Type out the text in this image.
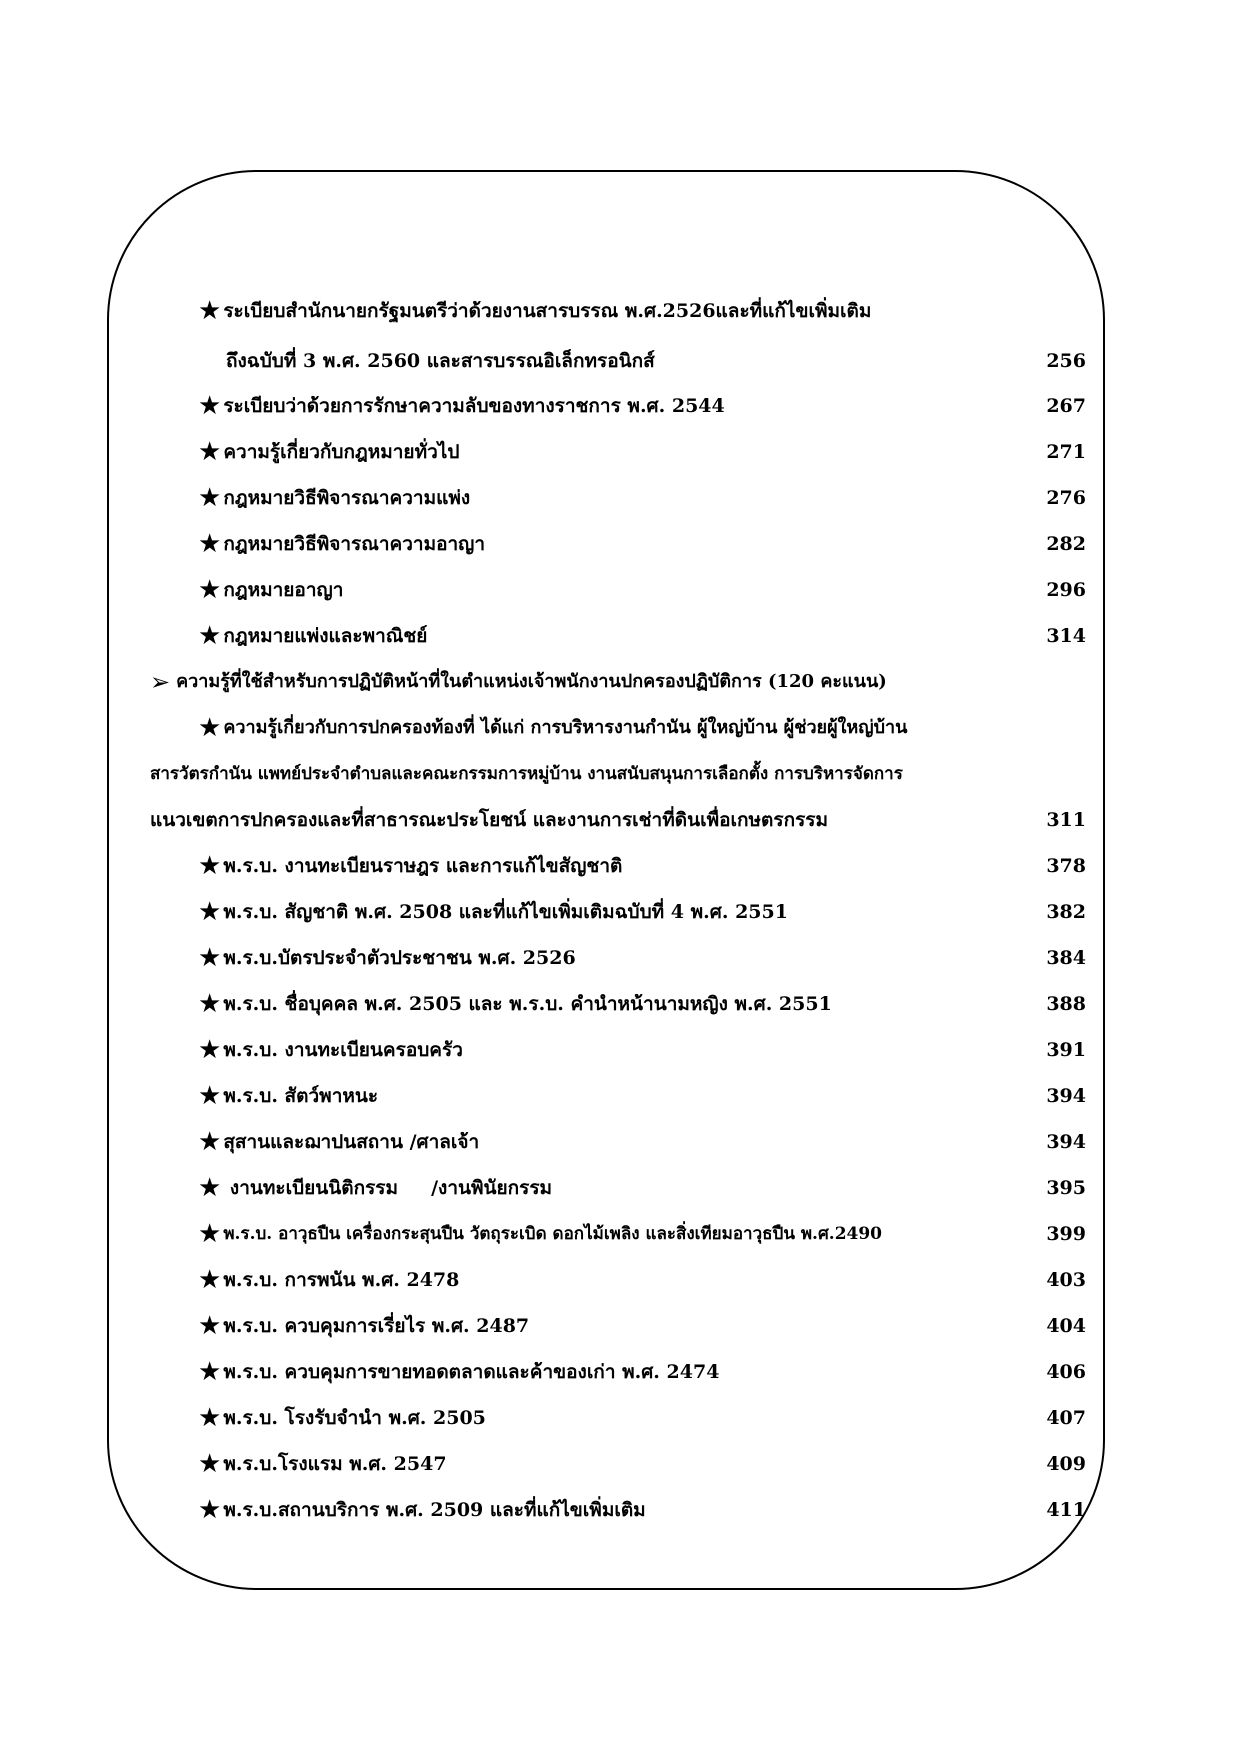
★ ระเบียบสำนักนายกรัฐมนตรีว่าด้วยงานสารบรรณ พ.ศ.2526และที่แก้ไขเพิ่มเติม
ถึงฉบับที่ 3 พ.ศ. 2560 และสารบรรณอิเล็กทรอนิกส์	256
★ ระเบียบว่าด้วยการรักษาความลับของทางราชการ พ.ศ. 2544	267
★ ความรู้เกี่ยวกับกฎหมายทั่วไป	271
★ กฎหมายวิธีพิจารณาความแพ่ง	276
★ กฎหมายวิธีพิจารณาความอาญา	282
★ กฎหมายอาญา	296
★ กฎหมายแพ่งและพาณิชย์	314
➢ ความรู้ที่ใช้สำหรับการปฏิบัติหน้าที่ในตำแหน่งเจ้าพนักงานปกครองปฏิบัติการ (120 คะแนน)
★ ความรู้เกี่ยวกับการปกครองท้องที่ ได้แก่ การบริหารงานกำนัน ผู้ใหญ่บ้าน ผู้ช่วยผู้ใหญ่บ้าน
สารวัตรกำนัน แพทย์ประจำตำบลและคณะกรรมการหมู่บ้าน งานสนับสนุนการเลือกตั้ง การบริหารจัดการ
แนวเขตการปกครองและที่สาธารณะประโยชน์ และงานการเช่าที่ดินเพื่อเกษตรกรรม	311
★ พ.ร.บ. งานทะเบียนราษฎร และการแก้ไขสัญชาติ	378
★ พ.ร.บ. สัญชาติ พ.ศ. 2508 และที่แก้ไขเพิ่มเติมฉบับที่ 4 พ.ศ. 2551	382
★ พ.ร.บ.บัตรประจำตัวประชาชน พ.ศ. 2526	384
★ พ.ร.บ. ชื่อบุคคล พ.ศ. 2505 และ พ.ร.บ. คำนำหน้านามหญิง พ.ศ. 2551	388
★ พ.ร.บ. งานทะเบียนครอบครัว	391
★ พ.ร.บ. สัตว์พาหนะ	394
★ สุสานและฌาปนสถาน /ศาลเจ้า	394
★ งานทะเบียนนิติกรรม     /งานพินัยกรรม	395
★ พ.ร.บ. อาวุธปืน เครื่องกระสุนปืน วัตถุระเบิด ดอกไม้เพลิง และสิ่งเทียมอาวุธปืน พ.ศ.2490	399
★ พ.ร.บ. การพนัน พ.ศ. 2478	403
★ พ.ร.บ. ควบคุมการเรี่ยไร พ.ศ. 2487	404
★ พ.ร.บ. ควบคุมการขายทอดตลาดและค้าของเก่า พ.ศ. 2474	406
★ พ.ร.บ. โรงรับจำนำ พ.ศ. 2505	407
★ พ.ร.บ.โรงแรม พ.ศ. 2547	409
★ พ.ร.บ.สถานบริการ พ.ศ. 2509 และที่แก้ไขเพิ่มเติม	411
